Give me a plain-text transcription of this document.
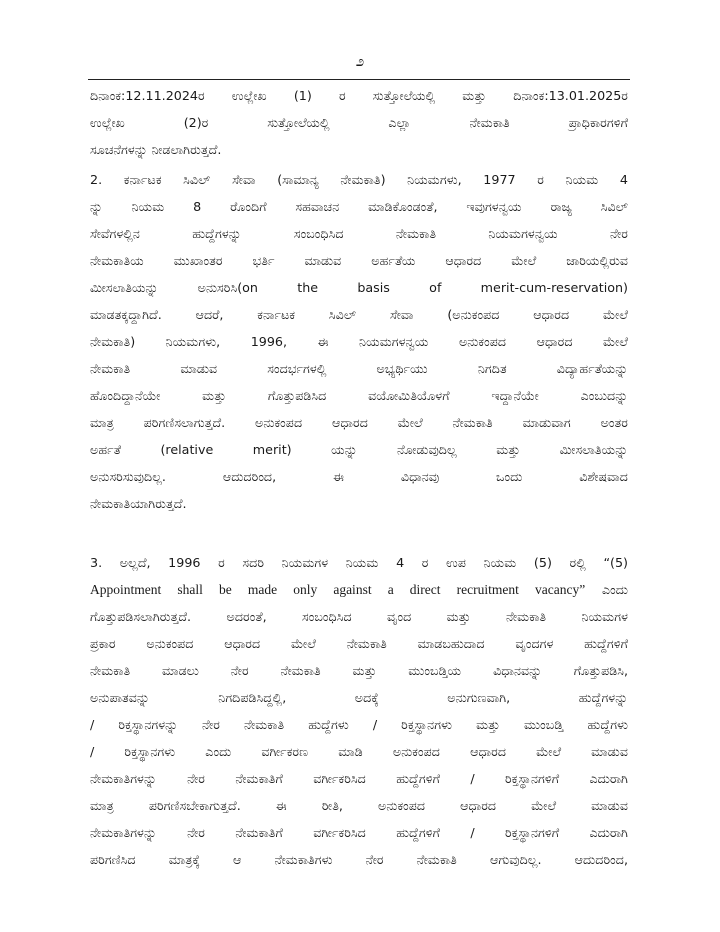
೨
ದಿನಾಂಕ:12.11.2024ರ ಉಲ್ಲೇಖ (1) ರ ಸುತ್ತೋಲೆಯಲ್ಲಿ ಮತ್ತು ದಿನಾಂಕ:13.01.2025ರ
ಉಲ್ಲೇಖ (2)ರ ಸುತ್ತೋಲೆಯಲ್ಲಿ ಎಲ್ಲಾ ನೇಮಕಾತಿ ಪ್ರಾಧಿಕಾರಗಳಿಗೆ
ಸೂಚನೆಗಳನ್ನು ನೀಡಲಾಗಿರುತ್ತದೆ.
2. ಕರ್ನಾಟಕ ಸಿವಿಲ್ ಸೇವಾ (ಸಾಮಾನ್ಯ ನೇಮಕಾತಿ) ನಿಯಮಗಳು, 1977 ರ ನಿಯಮ 4
ನ್ನು ನಿಯಮ 8 ರೊಂದಿಗೆ ಸಹವಾಚನ ಮಾಡಿಕೊಂಡಂತೆ, ಇವುಗಳನ್ವಯ ರಾಜ್ಯ ಸಿವಿಲ್
ಸೇವೆಗಳಲ್ಲಿನ ಹುದ್ದೆಗಳನ್ನು ಸಂಬಂಧಿಸಿದ ನೇಮಕಾತಿ ನಿಯಮಗಳನ್ವಯ ನೇರ
ನೇಮಕಾತಿಯ ಮುಖಾಂತರ ಭರ್ತಿ ಮಾಡುವ ಅರ್ಹತೆಯ ಆಧಾರದ ಮೇಲೆ ಜಾರಿಯಲ್ಲಿರುವ
ಮೀಸಲಾತಿಯನ್ನು ಅನುಸರಿಸಿ(on the basis of merit-cum-reservation)
ಮಾಡತಕ್ಕದ್ದಾಗಿದೆ. ಆದರೆ, ಕರ್ನಾಟಕ ಸಿವಿಲ್ ಸೇವಾ (ಅನುಕಂಪದ ಆಧಾರದ ಮೇಲೆ
ನೇಮಕಾತಿ) ನಿಯಮಗಳು, 1996, ಈ ನಿಯಮಗಳನ್ವಯ ಅನುಕಂಪದ ಆಧಾರದ ಮೇಲೆ
ನೇಮಕಾತಿ ಮಾಡುವ ಸಂದರ್ಭಗಳಲ್ಲಿ ಅಭ್ಯರ್ಥಿಯು ನಿಗದಿತ ವಿದ್ಯಾರ್ಹತೆಯನ್ನು
ಹೊಂದಿದ್ದಾನೆಯೇ ಮತ್ತು ಗೊತ್ತುಪಡಿಸಿದ ವಯೋಮಿತಿಯೊಳಗೆ ಇದ್ದಾನೆಯೇ ಎಂಬುದನ್ನು
ಮಾತ್ರ ಪರಿಗಣಿಸಲಾಗುತ್ತದೆ. ಅನುಕಂಪದ ಆಧಾರದ ಮೇಲೆ ನೇಮಕಾತಿ ಮಾಡುವಾಗ ಅಂತರ
ಅರ್ಹತೆ (relative merit) ಯನ್ನು ನೋಡುವುದಿಲ್ಲ ಮತ್ತು ಮೀಸಲಾತಿಯನ್ನು
ಅನುಸರಿಸುವುದಿಲ್ಲ. ಆದುದರಿಂದ, ಈ ವಿಧಾನವು ಒಂದು ವಿಶೇಷವಾದ
ನೇಮಕಾತಿಯಾಗಿರುತ್ತದೆ.
3. ಅಲ್ಲದೆ, 1996 ರ ಸದರಿ ನಿಯಮಗಳ ನಿಯಮ 4 ರ ಉಪ ನಿಯಮ (5) ರಲ್ಲಿ “(5)
Appointment shall be made only against a direct recruitment vacancy” ಎಂದು
ಗೊತ್ತುಪಡಿಸಲಾಗಿರುತ್ತದೆ. ಅದರಂತೆ, ಸಂಬಂಧಿಸಿದ ವೃಂದ ಮತ್ತು ನೇಮಕಾತಿ ನಿಯಮಗಳ
ಪ್ರಕಾರ ಅನುಕಂಪದ ಆಧಾರದ ಮೇಲೆ ನೇಮಕಾತಿ ಮಾಡಬಹುದಾದ ವೃಂದಗಳ ಹುದ್ದೆಗಳಿಗೆ
ನೇಮಕಾತಿ ಮಾಡಲು ನೇರ ನೇಮಕಾತಿ ಮತ್ತು ಮುಂಬಡ್ತಿಯ ವಿಧಾನವನ್ನು ಗೊತ್ತುಪಡಿಸಿ,
ಅನುಪಾತವನ್ನು ನಿಗದಿಪಡಿಸಿದ್ದಲ್ಲಿ, ಅದಕ್ಕೆ ಅನುಗುಣವಾಗಿ, ಹುದ್ದೆಗಳನ್ನು
/ ರಿಕ್ತಸ್ಥಾನಗಳನ್ನು ನೇರ ನೇಮಕಾತಿ ಹುದ್ದೆಗಳು / ರಿಕ್ತಸ್ಥಾನಗಳು ಮತ್ತು ಮುಂಬಡ್ತಿ ಹುದ್ದೆಗಳು
/ ರಿಕ್ತಸ್ಥಾನಗಳು ಎಂದು ವರ್ಗೀಕರಣ ಮಾಡಿ ಅನುಕಂಪದ ಆಧಾರದ ಮೇಲೆ ಮಾಡುವ
ನೇಮಕಾತಿಗಳನ್ನು ನೇರ ನೇಮಕಾತಿಗೆ ವರ್ಗೀಕರಿಸಿದ ಹುದ್ದೆಗಳಿಗೆ / ರಿಕ್ತಸ್ಥಾನಗಳಿಗೆ ಎದುರಾಗಿ
ಮಾತ್ರ ಪರಿಗಣಿಸಬೇಕಾಗುತ್ತದೆ. ಈ ರೀತಿ, ಅನುಕಂಪದ ಆಧಾರದ ಮೇಲೆ ಮಾಡುವ
ನೇಮಕಾತಿಗಳನ್ನು ನೇರ ನೇಮಕಾತಿಗೆ ವರ್ಗೀಕರಿಸಿದ ಹುದ್ದೆಗಳಿಗೆ / ರಿಕ್ತಸ್ಥಾನಗಳಿಗೆ ಎದುರಾಗಿ
ಪರಿಗಣಿಸಿದ ಮಾತ್ರಕ್ಕೆ ಆ ನೇಮಕಾತಿಗಳು ನೇರ ನೇಮಕಾತಿ ಆಗುವುದಿಲ್ಲ. ಆದುದರಿಂದ,
